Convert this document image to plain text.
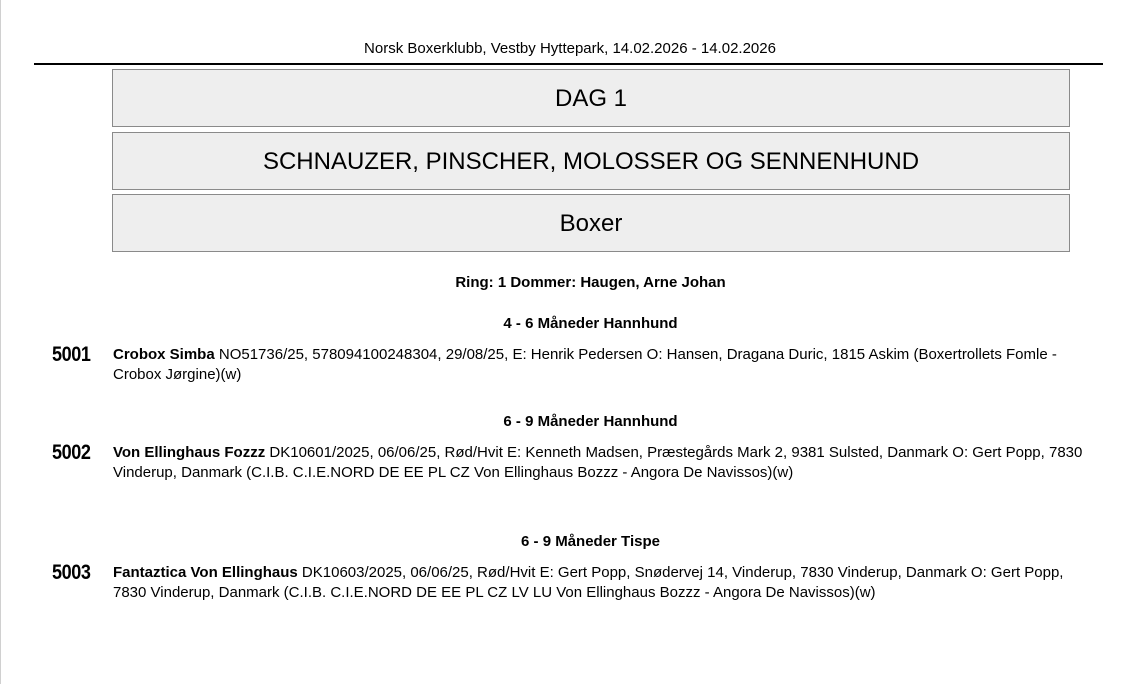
Norsk Boxerklubb, Vestby Hyttepark, 14.02.2026 - 14.02.2026
DAG 1
SCHNAUZER, PINSCHER, MOLOSSER OG SENNENHUND
Boxer
Ring: 1 Dommer: Haugen, Arne Johan
4 - 6 Måneder Hannhund
5001 Crobox Simba NO51736/25, 578094100248304, 29/08/25, E: Henrik Pedersen O: Hansen, Dragana Duric, 1815 Askim (Boxertrollets Fomle - Crobox Jørgine)(w)
6 - 9 Måneder Hannhund
5002 Von Ellinghaus Fozzz DK10601/2025, 06/06/25, Rød/Hvit E: Kenneth Madsen, Præstegårds Mark 2, 9381 Sulsted, Danmark O: Gert Popp, 7830 Vinderup, Danmark (C.I.B. C.I.E.NORD DE EE PL CZ Von Ellinghaus Bozzz - Angora De Navissos)(w)
6 - 9 Måneder Tispe
5003 Fantaztica Von Ellinghaus DK10603/2025, 06/06/25, Rød/Hvit E: Gert Popp, Snødervej 14, Vinderup, 7830 Vinderup, Danmark O: Gert Popp, 7830 Vinderup, Danmark (C.I.B. C.I.E.NORD DE EE PL CZ LV LU Von Ellinghaus Bozzz - Angora De Navissos)(w)
